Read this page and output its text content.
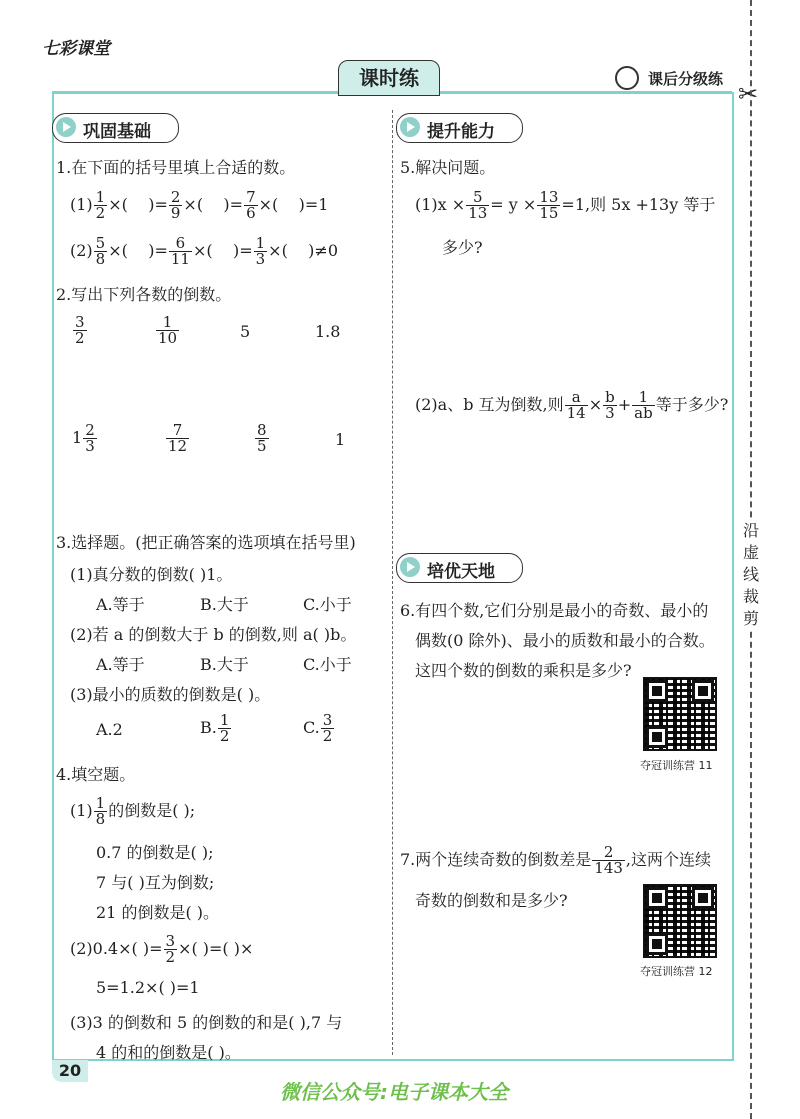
七彩课堂
课时练	课后分级练
✂
沿
虚
线
裁
剪
巩固基础	提升能力
培优天地
1.在下面的括号里填上合适的数。
$(1) \frac{1}{2}$ ×( )= $\frac{2}{9}$ ×( )= $\frac{7}{6}$ ×( )=1
$(2) \frac{5}{8}$ ×( )= $\frac{6}{11}$ ×( )= $\frac{1}{3}$ ×( )≠0
2.写出下列各数的倒数。
$\frac{3}{2}$	$\frac{1}{10}$	5	1.8
$1 \frac{2}{3}$	$\frac{7}{12}$	$\frac{8}{5}$	1
3.选择题。(把正确答案的选项填在括号里)
(1)真分数的倒数( )1。
A.等于	B.大于	C.小于
(2)若 a 的倒数大于 b 的倒数,则 a( )b。
A.等于	B.大于	C.小于
(3)最小的质数的倒数是( )。
A.2	B. $\frac{1}{2}$	C. $\frac{3}{2}$
4.填空题。
$(1) \frac{1}{8}$ 的倒数是( );
0.7 的倒数是( );
7 与( )互为倒数;
21 的倒数是( )。
(2)0.4×( )= $\frac{3}{2}$ ×( )=( )×
5=1.2×( )=1
(3)3 的倒数和 5 的倒数的和是( ),7 与
4 的和的倒数是( )。
5.解决问题。
$(1)x \times \frac{5}{13} = y \times \frac{13}{15} =1$,则 5x +13y 等于
多少?
(2)a、b 互为倒数,则 $\frac{a}{14} \times \frac{b}{3} + \frac{1}{ab}$ 等于多少?
6.有四个数,它们分别是最小的奇数、最小的
偶数(0 除外)、最小的质数和最小的合数。
这四个数的倒数的乘积是多少?
夺冠训练营 11
7.两个连续奇数的倒数差是 $\frac{2}{143}$ ,这两个连续
奇数的倒数和是多少?
夺冠训练营 12
20
微信公众号:电子课本大全
